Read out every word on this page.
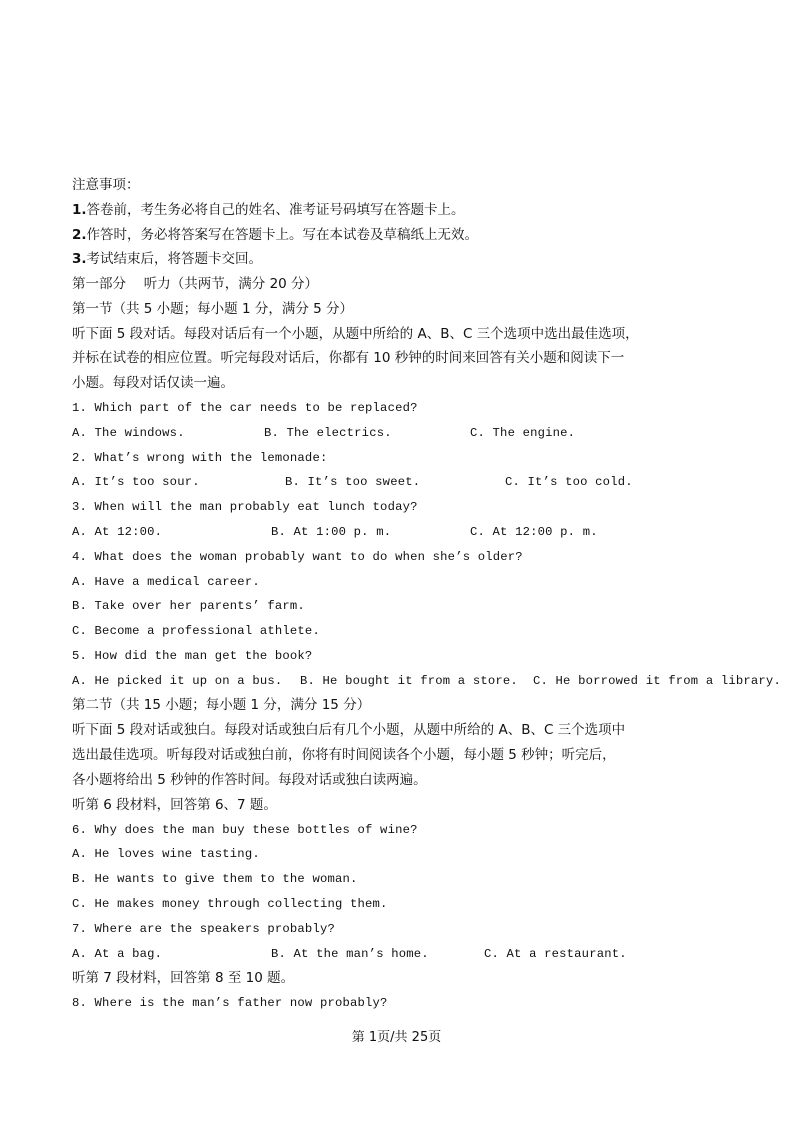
注意事项：
1.答卷前，考生务必将自己的姓名、准考证号码填写在答题卡上。
2.作答时，务必将答案写在答题卡上。写在本试卷及草稿纸上无效。
3.考试结束后，将答题卡交回。
第一部分　 听力（共两节，满分 20 分）
第一节（共 5 小题；每小题 1 分，满分 5 分）
听下面 5 段对话。每段对话后有一个小题，从题中所给的 A、B、C 三个选项中选出最佳选项，
并标在试卷的相应位置。听完每段对话后，你都有 10 秒钟的时间来回答有关小题和阅读下一
小题。每段对话仅读一遍。
1. Which part of the car needs to be replaced?
A. The windows.	B. The electrics.	C. The engine.
2. What’s wrong with the lemonade:
A. It’s too sour.	B. It’s too sweet.	C. It’s too cold.
3. When will the man probably eat lunch today?
A. At 12:00.	B. At 1:00 p. m.	C. At 12:00 p. m.
4. What does the woman probably want to do when she’s older?
A. Have a medical career.
B. Take over her parents’ farm.
C. Become a professional athlete.
5. How did the man get the book?
A. He picked it up on a bus. B. He bought it from a store. C. He borrowed it from a library.
第二节（共 15 小题；每小题 1 分，满分 15 分）
听下面 5 段对话或独白。每段对话或独白后有几个小题，从题中所给的 A、B、C 三个选项中
选出最佳选项。听每段对话或独白前，你将有时间阅读各个小题，每小题 5 秒钟；听完后，
各小题将给出 5 秒钟的作答时间。每段对话或独白读两遍。
听第 6 段材料，回答第 6、7 题。
6. Why does the man buy these bottles of wine?
A. He loves wine tasting.
B. He wants to give them to the woman.
C. He makes money through collecting them.
7. Where are the speakers probably?
A. At a bag.	B. At the man’s home.	C. At a restaurant.
听第 7 段材料，回答第 8 至 10 题。
8. Where is the man’s father now probably?
第 1页/共 25页
